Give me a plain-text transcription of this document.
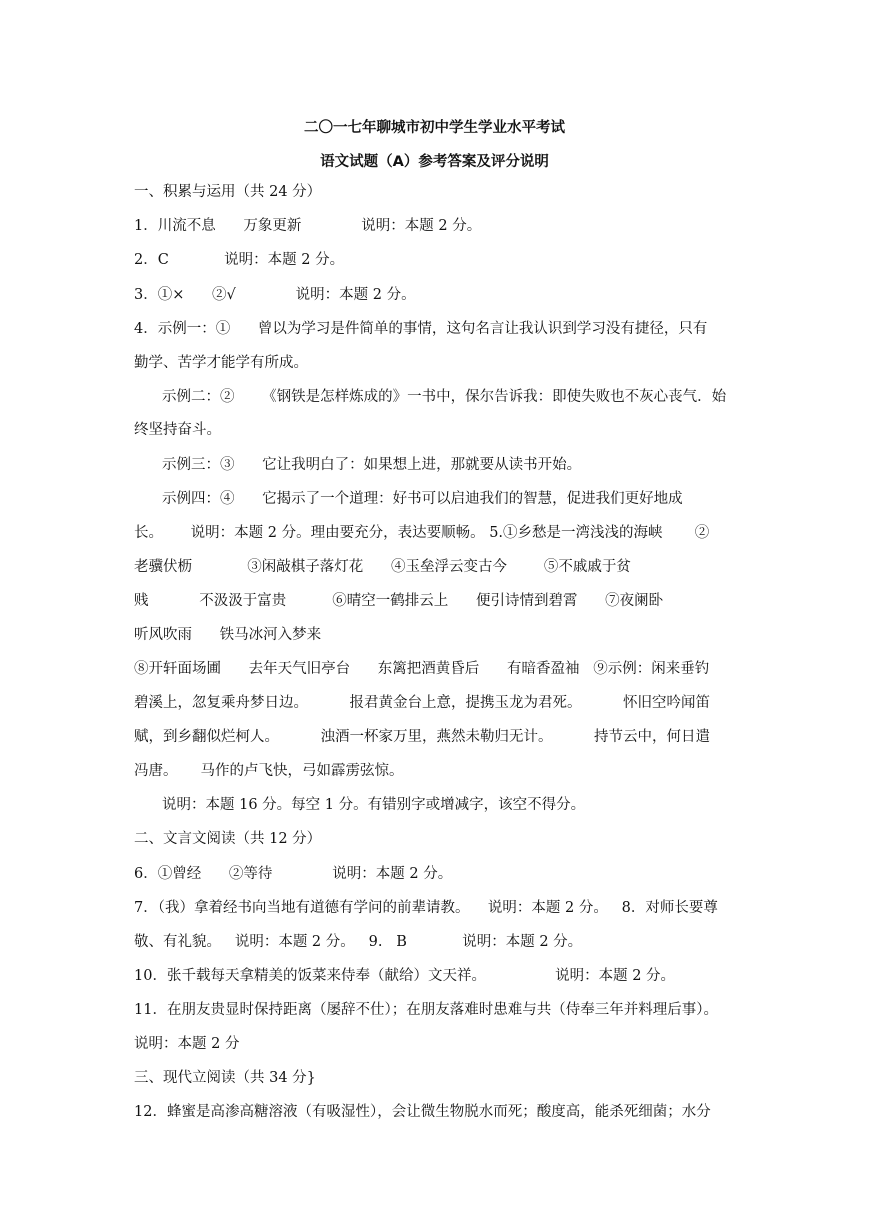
二〇一七年聊城市初中学生学业水平考试
语文试题（A）参考答案及评分说明
一、积累与运用（共 24 分）
1．川流不息      万象更新             说明：本题 2 分。
2．C            说明：本题 2 分。
3．①×      ②√             说明：本题 2 分。
4．示例一：①      曾以为学习是件简单的事情，这句名言让我认识到学习没有捷径，只有
勤学、苦学才能学有所成。
示例二：②      《钢铁是怎样炼成的》一书中，保尔告诉我：即使失败也不灰心丧气．始
终坚持奋斗。
示例三：③      它让我明白了：如果想上进，那就要从读书开始。
示例四：④      它揭示了一个道理：好书可以启迪我们的智慧，促进我们更好地成
长。      说明：本题 2 分。理由要充分，表达要顺畅。 5.①乡愁是一湾浅浅的海峡       ②
老骥伏枥            ③闲敲棋子落灯花      ④玉垒浮云变古今        ⑤不戚戚于贫
贱           不汲汲于富贵          ⑥晴空一鹤排云上      便引诗情到碧霄      ⑦夜阑卧
听风吹雨      铁马冰河入梦来
⑧开轩面场圃      去年天气旧亭台      东篱把酒黄昏后      有暗香盈袖   ⑨示例：闲来垂钓
碧溪上，忽复乘舟梦日边。         报君黄金台上意，提携玉龙为君死。         怀旧空吟闻笛
赋，到乡翻似烂柯人。         浊酒一杯家万里，燕然未勒归无计。         持节云中，何日遣
冯唐。     马作的卢飞快，弓如霹雳弦惊。
说明：本题 16 分。每空 1 分。有错别字或增减字，该空不得分。
二、文言文阅读（共 12 分）
6．①曾经      ②等待             说明：本题 2 分。
7．（我）拿着经书向当地有道德有学问的前辈请教。    说明：本题 2 分。   8．对师长要尊
敬、有礼貌。   说明：本题 2 分。   9.   B            说明：本题 2 分。
10．张千载每天拿精美的饭菜来侍奉（献给）文天祥。               说明：本题 2 分。
11．在朋友贵显时保持距离（屡辞不仕）；在朋友落难时患难与共（侍奉三年并料理后事）。
说明：本题 2 分
三、现代立阅读（共 34 分}
12．蜂蜜是高渗高糖溶液（有吸湿性），会让微生物脱水而死；酸度高，能杀死细菌；水分
